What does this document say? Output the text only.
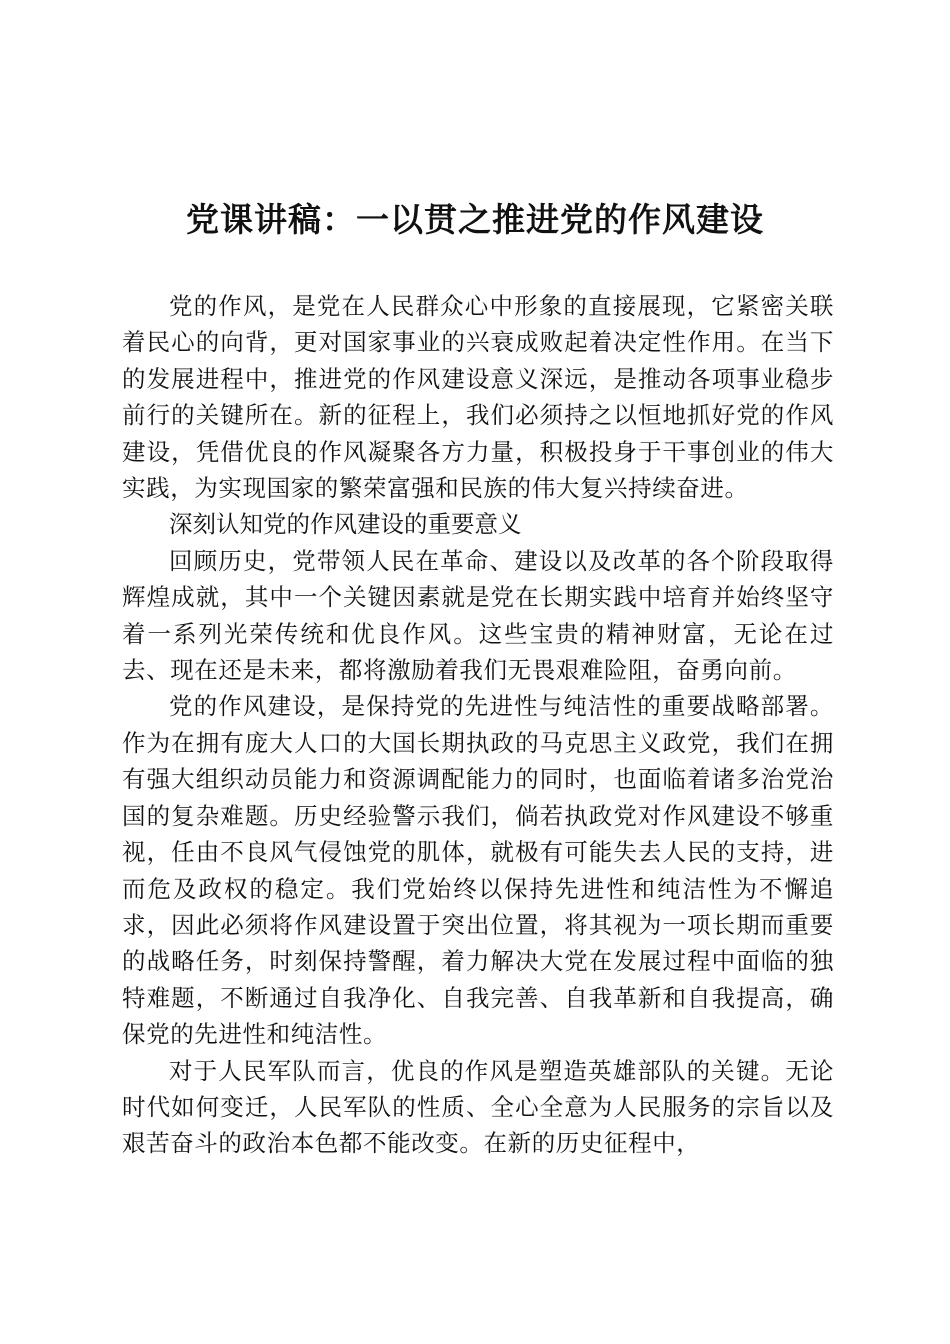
党课讲稿：一以贯之推进党的作风建设

党的作风，是党在人民群众心中形象的直接展现，它紧密关联着民心的向背，更对国家事业的兴衰成败起着决定性作用。在当下的发展进程中，推进党的作风建设意义深远，是推动各项事业稳步前行的关键所在。新的征程上，我们必须持之以恒地抓好党的作风建设，凭借优良的作风凝聚各方力量，积极投身于干事创业的伟大实践，为实现国家的繁荣富强和民族的伟大复兴持续奋进。

深刻认知党的作风建设的重要意义

回顾历史，党带领人民在革命、建设以及改革的各个阶段取得辉煌成就，其中一个关键因素就是党在长期实践中培育并始终坚守着一系列光荣传统和优良作风。这些宝贵的精神财富，无论在过去、现在还是未来，都将激励着我们无畏艰难险阻，奋勇向前。

党的作风建设，是保持党的先进性与纯洁性的重要战略部署。作为在拥有庞大人口的大国长期执政的马克思主义政党，我们在拥有强大组织动员能力和资源调配能力的同时，也面临着诸多治党治国的复杂难题。历史经验警示我们，倘若执政党对作风建设不够重视，任由不良风气侵蚀党的肌体，就极有可能失去人民的支持，进而危及政权的稳定。我们党始终以保持先进性和纯洁性为不懈追求，因此必须将作风建设置于突出位置，将其视为一项长期而重要的战略任务，时刻保持警醒，着力解决大党在发展过程中面临的独特难题，不断通过自我净化、自我完善、自我革新和自我提高，确保党的先进性和纯洁性。

对于人民军队而言，优良的作风是塑造英雄部队的关键。无论时代如何变迁，人民军队的性质、全心全意为人民服务的宗旨以及艰苦奋斗的政治本色都不能改变。在新的历史征程中，
